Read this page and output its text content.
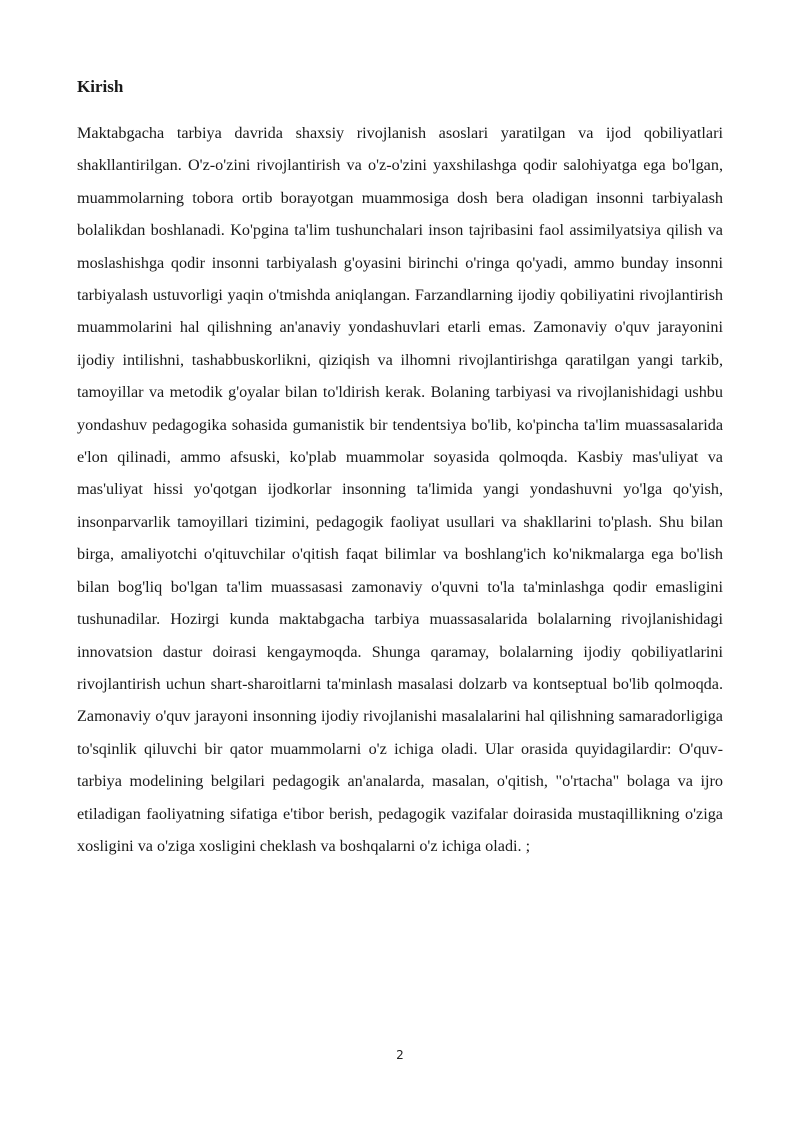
Kirish

Maktabgacha tarbiya davrida shaxsiy rivojlanish asoslari yaratilgan va ijod qobiliyatlari shakllantirilgan. O'z-o'zini rivojlantirish va o'z-o'zini yaxshilashga qodir salohiyatga ega bo'lgan, muammolarning tobora ortib borayotgan muammosiga dosh bera oladigan insonni tarbiyalash bolalikdan boshlanadi. Ko'pgina ta'lim tushunchalari inson tajribasini faol assimilyatsiya qilish va moslashishga qodir insonni tarbiyalash g'oyasini birinchi o'ringa qo'yadi, ammo bunday insonni tarbiyalash ustuvorligi yaqin o'tmishda aniqlangan. Farzandlarning ijodiy qobiliyatini rivojlantirish muammolarini hal qilishning an'anaviy yondashuvlari etarli emas. Zamonaviy o'quv jarayonini ijodiy intilishni, tashabbuskorlikni, qiziqish va ilhomni rivojlantirishga qaratilgan yangi tarkib, tamoyillar va metodik g'oyalar bilan to'ldirish kerak. Bolaning tarbiyasi va rivojlanishidagi ushbu yondashuv pedagogika sohasida gumanistik bir tendentsiya bo'lib, ko'pincha ta'lim muassasalarida e'lon qilinadi, ammo afsuski, ko'plab muammolar soyasida qolmoqda. Kasbiy mas'uliyat va mas'uliyat hissi yo'qotgan ijodkorlar insonning ta'limida yangi yondashuvni yo'lga qo'yish, insonparvarlik tamoyillari tizimini, pedagogik faoliyat usullari va shakllarini to'plash. Shu bilan birga, amaliyotchi o'qituvchilar o'qitish faqat bilimlar va boshlang'ich ko'nikmalarga ega bo'lish bilan bog'liq bo'lgan ta'lim muassasasi zamonaviy o'quvni to'la ta'minlashga qodir emasligini tushunadilar. Hozirgi kunda maktabgacha tarbiya muassasalarida bolalarning rivojlanishidagi innovatsion dastur doirasi kengaymoqda. Shunga qaramay, bolalarning ijodiy qobiliyatlarini rivojlantirish uchun shart-sharoitlarni ta'minlash masalasi dolzarb va kontseptual bo'lib qolmoqda. Zamonaviy o'quv jarayoni insonning ijodiy rivojlanishi masalalarini hal qilishning samaradorligiga to'sqinlik qiluvchi bir qator muammolarni o'z ichiga oladi. Ular orasida quyidagilardir: O'quv-tarbiya modelining belgilari pedagogik an'analarda, masalan, o'qitish, "o'rtacha" bolaga va ijro etiladigan faoliyatning sifatiga e'tibor berish, pedagogik vazifalar doirasida mustaqillikning o'ziga xosligini va o'ziga xosligini cheklash va boshqalarni o'z ichiga oladi. ;

2
